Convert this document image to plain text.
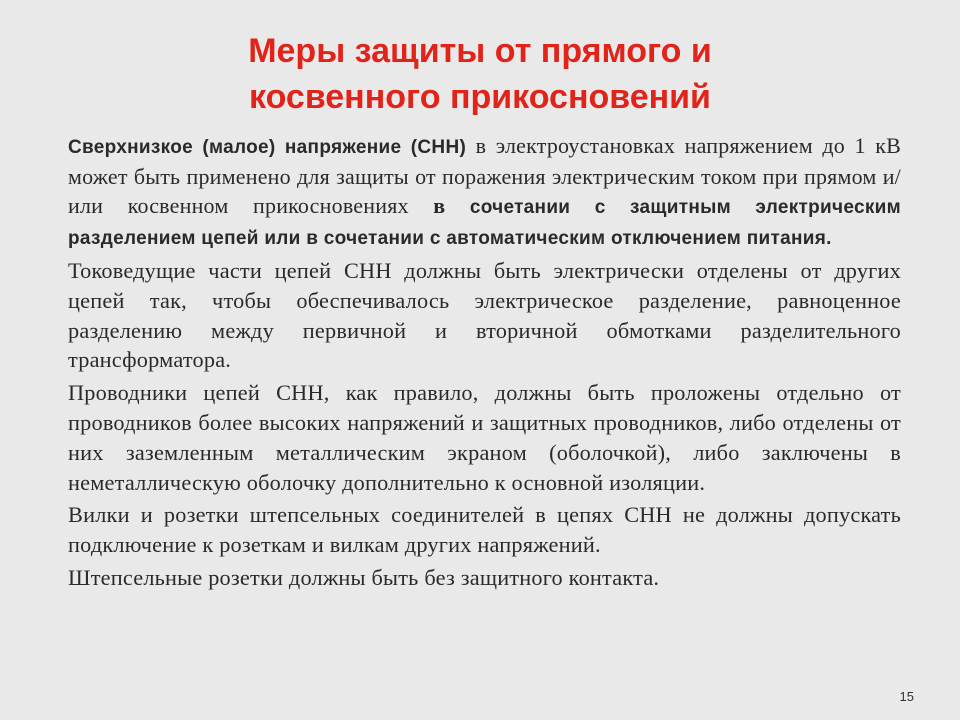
Меры защиты от прямого и
косвенного прикосновений

Сверхнизкое (малое) напряжение (СНН) в электроустановках напряжением до 1 кВ может быть применено для защиты от поражения электрическим током при прямом и/или косвенном прикосновениях в сочетании с защитным электрическим разделением цепей или в сочетании с автоматическим отключением питания.

Токоведущие части цепей СНН должны быть электрически отделены от других цепей так, чтобы обеспечивалось электрическое разделение, равноценное разделению между первичной и вторичной обмотками разделительного трансформатора.

Проводники цепей СНН, как правило, должны быть проложены отдельно от проводников более высоких напряжений и защитных проводников, либо отделены от них заземленным металлическим экраном (оболочкой), либо заключены в неметаллическую оболочку дополнительно к основной изоляции.

Вилки и розетки штепсельных соединителей в цепях СНН не должны допускать подключение к розеткам и вилкам других напряжений.

Штепсельные розетки должны быть без защитного контакта.

15
